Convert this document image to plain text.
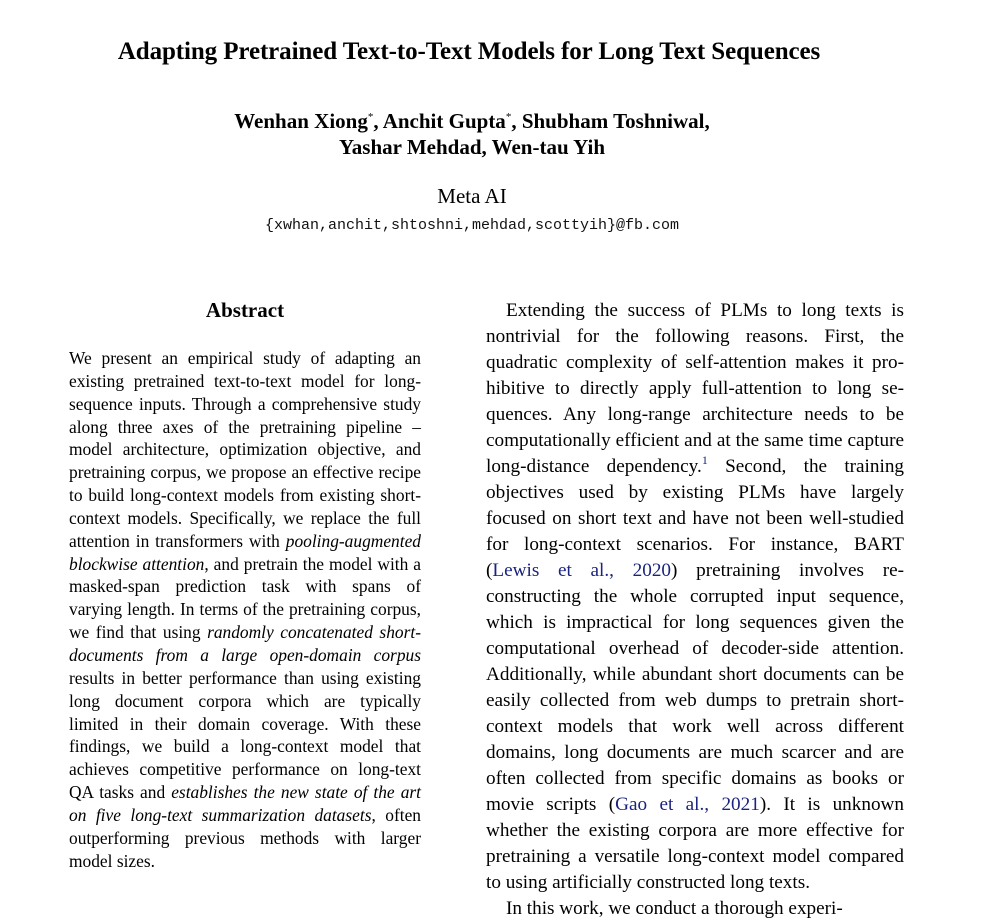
Adapting Pretrained Text-to-Text Models for Long Text Sequences
Wenhan Xiong*, Anchit Gupta*, Shubham Toshniwal,
Yashar Mehdad, Wen-tau Yih
Meta AI
{xwhan,anchit,shtoshni,mehdad,scottyih}@fb.com
Abstract
We present an empirical study of adapting an existing pretrained text-to-text model for long-sequence inputs. Through a comprehensive study along three axes of the pretraining pipeline – model architecture, optimization objective, and pretraining corpus, we propose an effective recipe to build long-context models from existing short-context models. Specifically, we replace the full attention in transformers with pooling-augmented blockwise attention, and pretrain the model with a masked-span prediction task with spans of varying length. In terms of the pretraining corpus, we find that using randomly concatenated short-documents from a large open-domain corpus results in better performance than using existing long document corpora which are typically limited in their domain coverage. With these findings, we build a long-context model that achieves competitive performance on long-text QA tasks and establishes the new state of the art on five long-text summarization datasets, often outperforming previous methods with larger model sizes.

Extending the success of PLMs to long texts is nontrivial for the following reasons. First, the quadratic complexity of self-attention makes it prohibitive to directly apply full-attention to long sequences. Any long-range architecture needs to be computationally efficient and at the same time capture long-distance dependency.$^1$ Second, the training objectives used by existing PLMs have largely focused on short text and have not been well-studied for long-context scenarios. For instance, BART (Lewis et al., 2020) pretraining involves reconstructing the whole corrupted input sequence, which is impractical for long sequences given the computational overhead of decoder-side attention. Additionally, while abundant short documents can be easily collected from web dumps to pretrain short-context models that work well across different domains, long documents are much scarcer and are often collected from specific domains as books or movie scripts (Gao et al., 2021). It is unknown whether the existing corpora are more effective for pretraining a versatile long-context model compared to using artificially constructed long texts.

In this work, we conduct a thorough experi-
